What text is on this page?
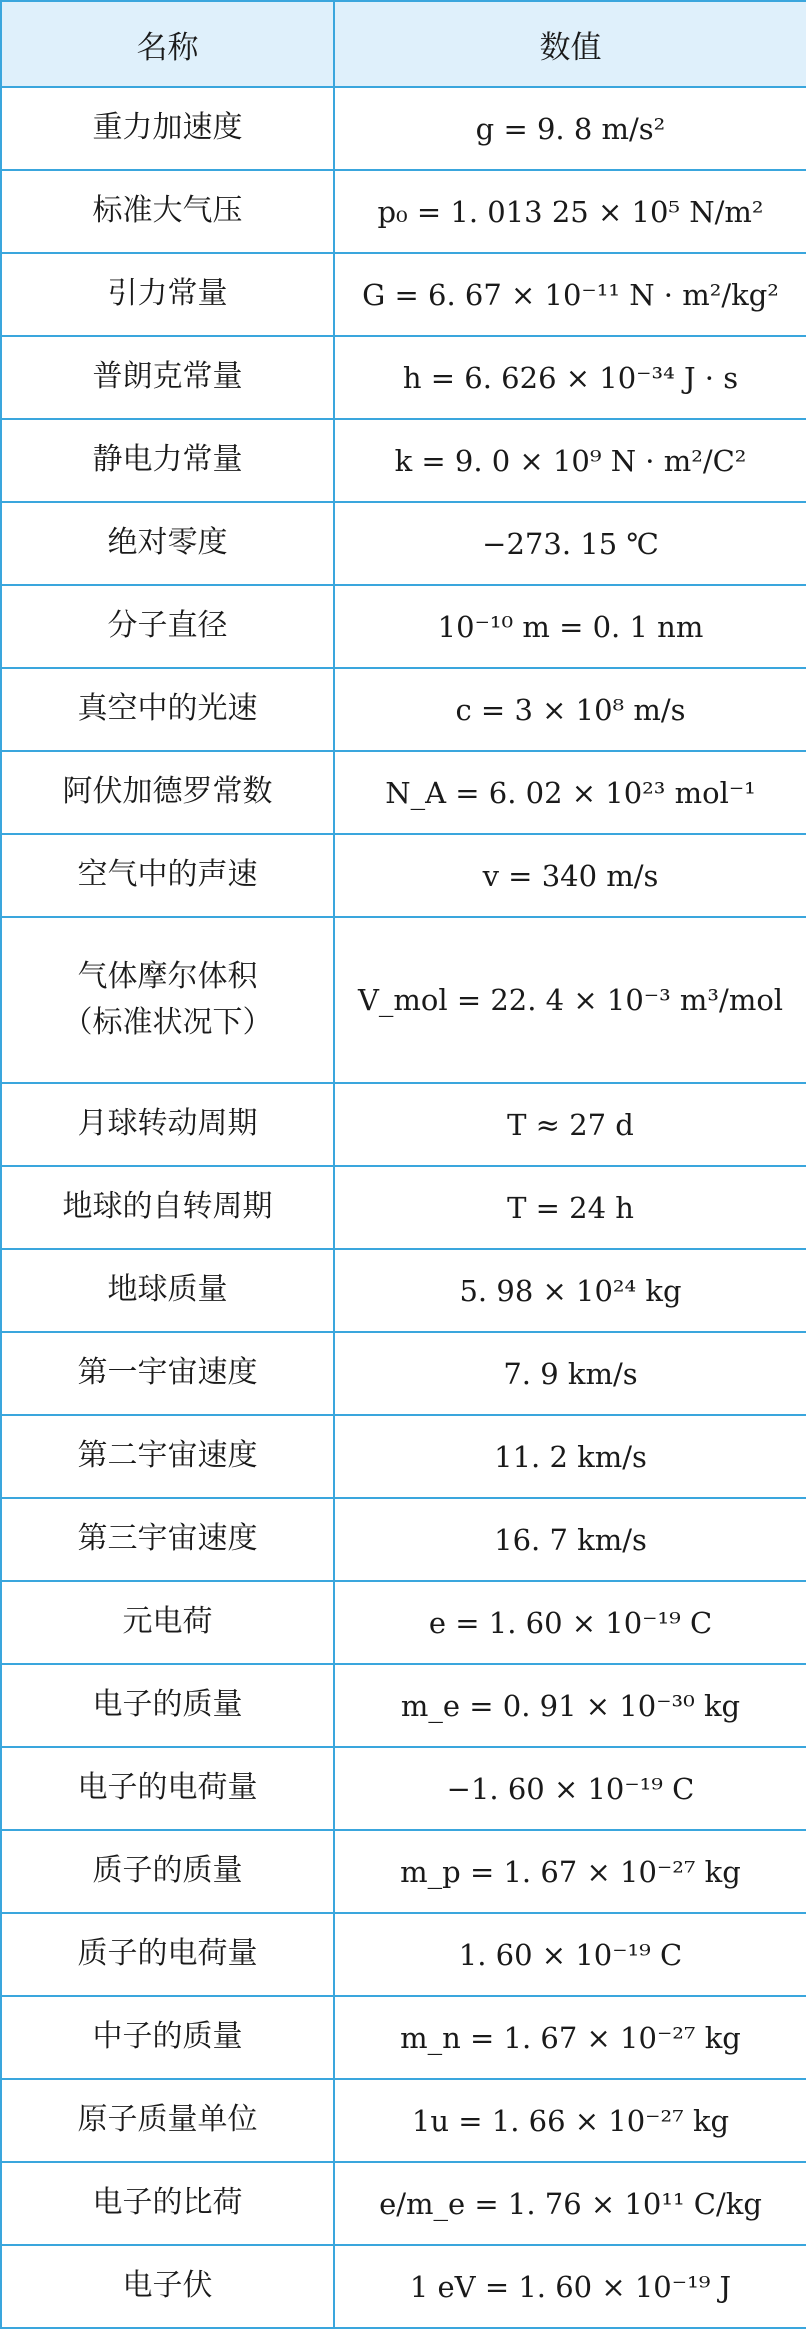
名称	数值
重力加速度	g = 9. 8 m/s²
标准大气压	p₀ = 1. 013 25 × 10⁵ N/m²
引力常量	G = 6. 67 × 10⁻¹¹ N · m²/kg²
普朗克常量	h = 6. 626 × 10⁻³⁴ J · s
静电力常量	k = 9. 0 × 10⁹ N · m²/C²
绝对零度	−273. 15 ℃
分子直径	10⁻¹⁰ m = 0. 1 nm
真空中的光速	c = 3 × 10⁸ m/s
阿伏加德罗常数	N_A = 6. 02 × 10²³ mol⁻¹
空气中的声速	v = 340 m/s
气体摩尔体积
（标准状况下）	V_mol = 22. 4 × 10⁻³ m³/mol
月球转动周期	T ≈ 27 d
地球的自转周期	T = 24 h
地球质量	5. 98 × 10²⁴ kg
第一宇宙速度	7. 9 km/s
第二宇宙速度	11. 2 km/s
第三宇宙速度	16. 7 km/s
元电荷	e = 1. 60 × 10⁻¹⁹ C
电子的质量	m_e = 0. 91 × 10⁻³⁰ kg
电子的电荷量	−1. 60 × 10⁻¹⁹ C
质子的质量	m_p = 1. 67 × 10⁻²⁷ kg
质子的电荷量	1. 60 × 10⁻¹⁹ C
中子的质量	m_n = 1. 67 × 10⁻²⁷ kg
原子质量单位	1u = 1. 66 × 10⁻²⁷ kg
电子的比荷	e/m_e = 1. 76 × 10¹¹ C/kg
电子伏	1 eV = 1. 60 × 10⁻¹⁹ J
